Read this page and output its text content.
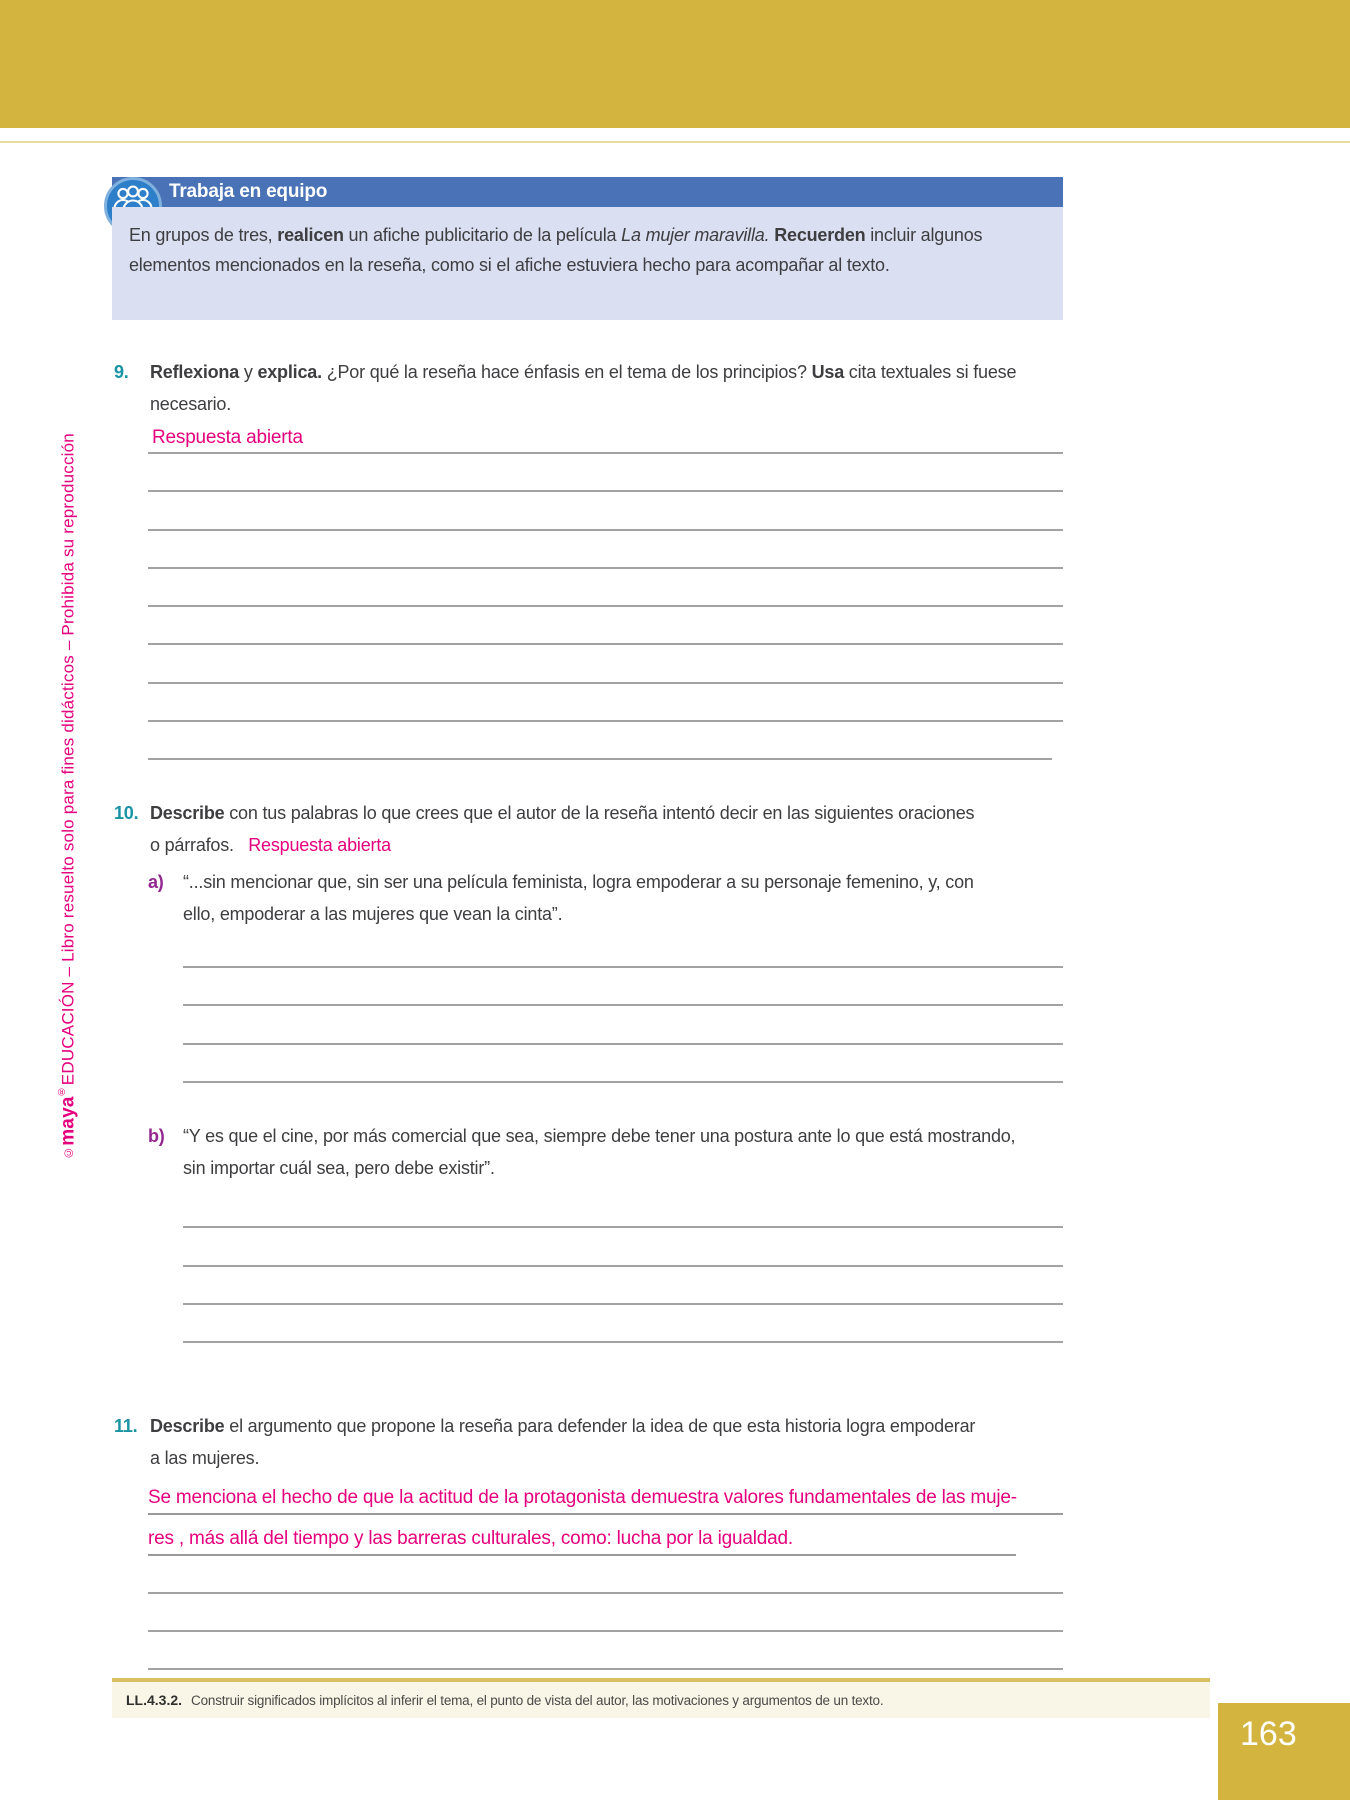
©maya®EDUCACIÓN – Libro resuelto solo para fines didácticos – Prohibida su reproducción
Trabaja en equipo
En grupos de tres, realicen un afiche publicitario de la película La mujer maravilla. Recuerden incluir algunos
elementos mencionados en la reseña, como si el afiche estuviera hecho para acompañar al texto.
9.	Reflexiona y explica. ¿Por qué la reseña hace énfasis en el tema de los principios? Usa cita textuales si fuese
necesario.
Respuesta abierta
10. Describe con tus palabras lo que crees que el autor de la reseña intentó decir en las siguientes oraciones
o párrafos.   Respuesta abierta
a)	“...sin mencionar que, sin ser una película feminista, logra empoderar a su personaje femenino, y, con
ello, empoderar a las mujeres que vean la cinta”.
b)	“Y es que el cine, por más comercial que sea, siempre debe tener una postura ante lo que está mostrando,
sin importar cuál sea, pero debe existir”.
11. Describe el argumento que propone la reseña para defender la idea de que esta historia logra empoderar
a las mujeres.
Se menciona el hecho de que la actitud de la protagonista demuestra valores fundamentales de las muje-
res , más allá del tiempo y las barreras culturales, como: lucha por la igualdad.
LL.4.3.2. Construir significados implícitos al inferir el tema, el punto de vista del autor, las motivaciones y argumentos de un texto.
163
